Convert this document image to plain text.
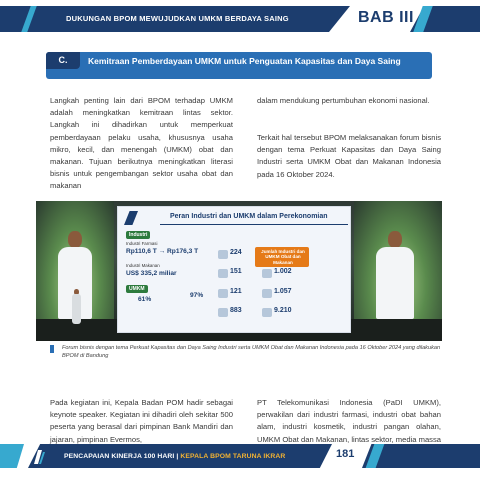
DUKUNGAN BPOM MEWUJUDKAN UMKM BERDAYA SAING	BAB III
C.	Kemitraan Pemberdayaan UMKM untuk Penguatan Kapasitas dan Daya Saing

Langkah penting lain dari BPOM terhadap UMKM adalah meningkatkan kemitraan lintas sektor. Langkah ini dihadirkan untuk memperkuat pemberdayaan pelaku usaha, khususnya usaha mikro, kecil, dan menengah (UMKM) obat dan makanan. Tujuan berikutnya meningkatkan literasi bisnis untuk pengembangan sektor usaha obat dan makanan

dalam mendukung pertumbuhan ekonomi nasional.

Terkait hal tersebut BPOM melaksanakan forum bisnis dengan tema Perkuat Kapasitas dan Daya Saing Industri serta UMKM Obat dan Makanan Indonesia pada 16 Oktober 2024.

Peran Industri dan UMKM dalam Perekonomian
Industri
Industri Farmasi
Rp110,6 T → Rp176,3 T
Industri Makanan
US$ 335,2 miliar
UMKM
61%
97%
Jumlah Industri dan UMKM Obat dan Makanan
224
151	1.002
121	1.057
883	9.210
Forum bisnis dengan tema Perkuat Kapasitas dan Daya Saing Industri serta UMKM Obat dan Makanan Indonesia pada 16 Oktober 2024 yang dilakukan BPOM di Bandung

Pada kegiatan ini, Kepala Badan POM hadir sebagai keynote speaker. Kegiatan ini dihadiri oleh sekitar 500 peserta yang berasal dari pimpinan Bank Mandiri dan jajaran, pimpinan Evermos,

PT Telekomunikasi Indonesia (PaDI UMKM), perwakilan dari industri farmasi, industri obat bahan alam, industri kosmetik, industri pangan olahan, UMKM Obat dan Makanan, lintas sektor, media massa

PENCAPAIAN KINERJA 100 HARI | KEPALA BPOM TARUNA IKRAR	181
